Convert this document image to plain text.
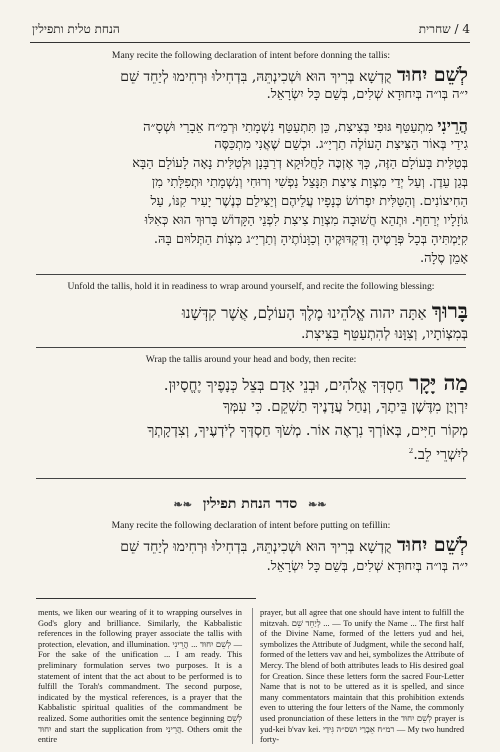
הנחת טלית ותפילין	4 / שחרית
Many recite the following declaration of intent before donning the tallis:
לְשֵׁם יִחוּד קֻדְשָׁא בְּרִיךְ הוּא וּשְׁכִינְתֵּהּ, בִּדְחִילוּ וּרְחִימוּ לְיַחֵד שֵׁם
י״ה בְּו״ה בְּיִחוּדָא שְׁלִים, בְּשֵׁם כָּל יִשְׂרָאֵל.
הֲרֵינִי מִתְעַטֵּף גּוּפִי בְּצִיצִת, כֵּן תִּתְעַטֵּף נִשְׁמָתִי וּרְמַ״ח אֵבָרַי וּשְׁסָ״ה
גִידַי בְּאוֹר הַצִּיצִת הָעוֹלֶה תַרְיַ״ג. וּכְשֵׁם שֶׁאֲנִי מִתְכַּסֶּה
בְּטַלִּית בָּעוֹלָם הַזֶּה, כָּךְ אֶזְכֶּה לַחֲלוּקָא דְרַבָּנָן וּלְטַלִּית נָאָה לָעוֹלָם הַבָּא
בְּגַן עֵדֶן. וְעַל יְדֵי מִצְוַת צִיצִת תִּנָּצֵל נַפְשִׁי וְרוּחִי וְנִשְׁמָתִי וּתְפִלָּתִי מִן
הַחִיצוֹנִים. וְהַטַּלִּית יִפְרוֹשׂ כְּנָפָיו עֲלֵיהֶם וְיַצִּילֵם כְּנֶשֶׁר יָעִיר קִנּוֹ, עַל
גּוֹזָלָיו יְרַחֵף. וּתְהֵא חֲשׁוּבָה מִצְוַת צִיצִת לִפְנֵי הַקָּדוֹשׁ בָּרוּךְ הוּא כְּאִלּוּ
קִיַּמְתִּיהָ בְּכָל פְּרָטֶיהָ וְדִקְדּוּקֶיהָ וְכַוָּנוֹתֶיהָ וְתַרְיַ״ג מִצְוֹת הַתְּלוּיִם בָּהּ.
אָמֵן סֶלָה.
Unfold the tallis, hold it in readiness to wrap around yourself, and recite the following blessing:
בָּרוּךְ אַתָּה יהוה אֱלֹהֵינוּ מֶלֶךְ הָעוֹלָם, אֲשֶׁר קִדְּשָׁנוּ
בְּמִצְוֹתָיו, וְצִוָּנוּ לְהִתְעַטֵּף בַּצִּיצִת.
Wrap the tallis around your head and body, then recite:
מַה יָּקָר חַסְדְּךָ אֱלֹהִים, וּבְנֵי אָדָם בְּצֵל כְּנָפֶיךָ יֶחֱסָיוּן.
יִרְוְיֻן מִדֶּשֶׁן בֵּיתֶךָ, וְנַחַל עֲדָנֶיךָ תַשְׁקֵם. כִּי עִמְּךָ
מְקוֹר חַיִּים, בְּאוֹרְךָ נִרְאֶה אוֹר. מְשֹׁךְ חַסְדְּךָ לְיֹדְעֶיךָ, וְצִדְקָתְךָ
לְיִשְׁרֵי לֵב.$^2$
❧❧ סדר הנחת תפילין ❧❧
Many recite the following declaration of intent before putting on tefillin:
לְשֵׁם יִחוּד קֻדְשָׁא בְּרִיךְ הוּא וּשְׁכִינְתֵּהּ, בִּדְחִילוּ וּרְחִימוּ לְיַחֵד שֵׁם
י״ה בְּו״ה בְּיִחוּדָא שְׁלִים, בְּשֵׁם כָּל יִשְׂרָאֵל.

ments, we liken our wearing of it to wrapping ourselves in God's glory and brilliance. Similarly, the Kabbalistic references in the following prayer associate the tallis with protection, elevation, and illumination. לְשֵׁם יִחוּד ... הֲרֵינִי — For the sake of the unification ... I am ready. This preliminary formulation serves two purposes. It is a statement of intent that the act about to be performed is to fulfill the Torah's commandment. The second purpose, indicated by the mystical references, is a prayer that the Kabbalistic spiritual qualities of the commandment be realized. Some authorities omit the sentence beginning לְשֵׁם יִחוּד and start the supplication from הֲרֵינִי. Others omit the entire

prayer, but all agree that one should have intent to fulfill the mitzvah. לְיַחֵד שֵׁם ... — To unify the Name ... The first half of the Divine Name, formed of the letters yud and hei, symbolizes the Attribute of Judgment, while the second half, formed of the letters vav and hei, symbolizes the Attribute of Mercy. The blend of both attributes leads to His desired goal for Creation. Since these letters form the sacred Four-Letter Name that is not to be uttered as it is spelled, and since many commentators maintain that this prohibition extends even to uttering the four letters of the Name, the commonly used pronunciation of these letters in the לְשֵׁם יִחוּד prayer is yud-kei b'vav kei. רמ״ח אֵבָרַי ושס״ה גִּידַי — My two hundred forty-
